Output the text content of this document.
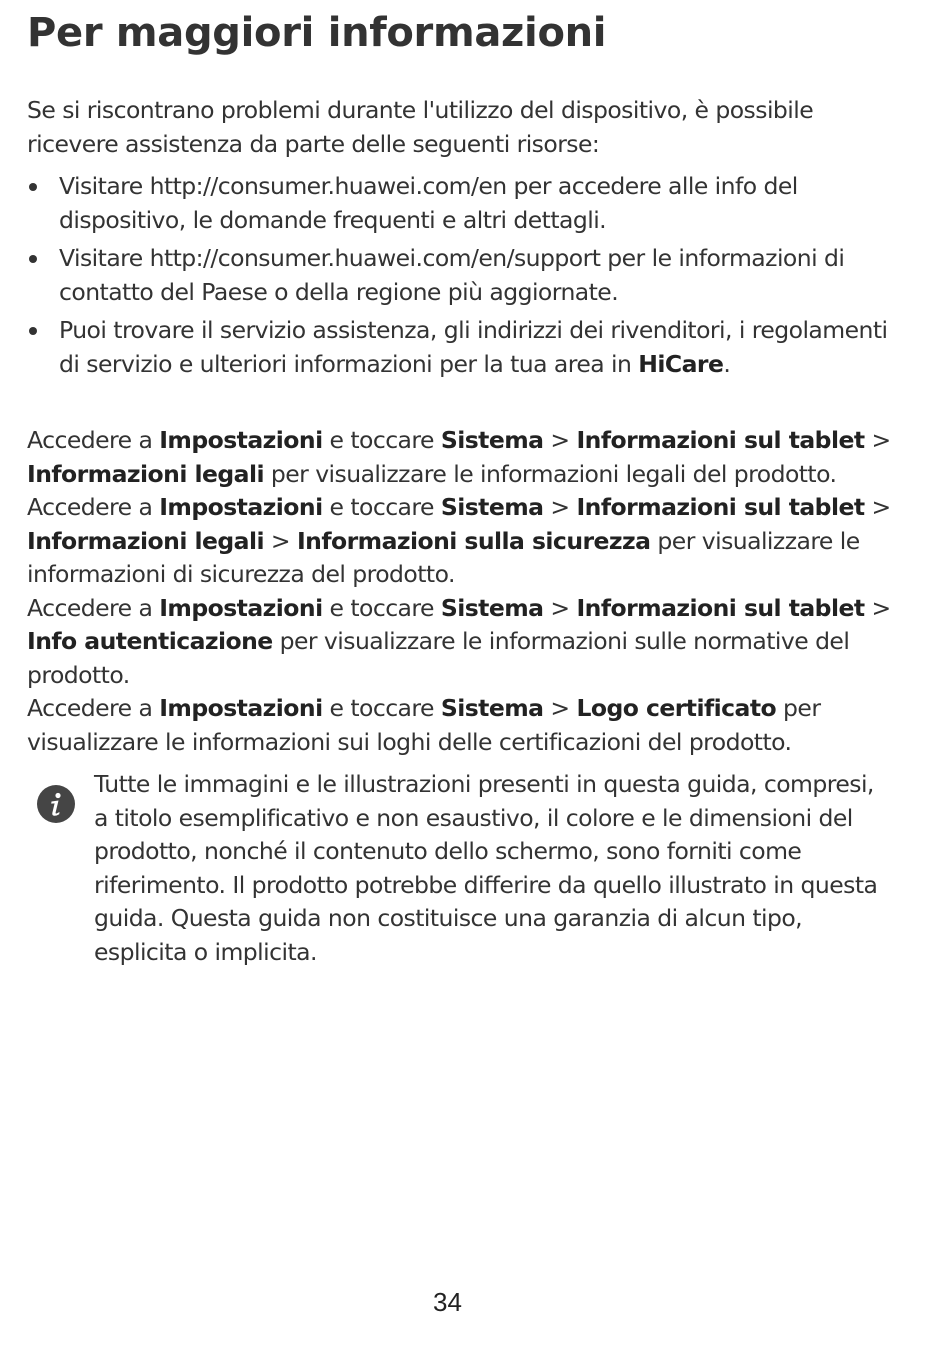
Per maggiori informazioni

Se si riscontrano problemi durante l'utilizzo del dispositivo, è possibile ricevere assistenza da parte delle seguenti risorse:

Visitare http://consumer.huawei.com/en per accedere alle info del dispositivo, le domande frequenti e altri dettagli.
Visitare http://consumer.huawei.com/en/support per le informazioni di contatto del Paese o della regione più aggiornate.
Puoi trovare il servizio assistenza, gli indirizzi dei rivenditori, i regolamenti di servizio e ulteriori informazioni per la tua area in HiCare.

Accedere a Impostazioni e toccare Sistema > Informazioni sul tablet > Informazioni legali per visualizzare le informazioni legali del prodotto.

Accedere a Impostazioni e toccare Sistema > Informazioni sul tablet > Informazioni legali > Informazioni sulla sicurezza per visualizzare le informazioni di sicurezza del prodotto.

Accedere a Impostazioni e toccare Sistema > Informazioni sul tablet > Info autenticazione per visualizzare le informazioni sulle normative del prodotto.

Accedere a Impostazioni e toccare Sistema > Logo certificato per visualizzare le informazioni sui loghi delle certificazioni del prodotto.

Tutte le immagini e le illustrazioni presenti in questa guida, compresi, a titolo esemplificativo e non esaustivo, il colore e le dimensioni del prodotto, nonché il contenuto dello schermo, sono forniti come riferimento. Il prodotto potrebbe differire da quello illustrato in questa guida. Questa guida non costituisce una garanzia di alcun tipo, esplicita o implicita.

34
